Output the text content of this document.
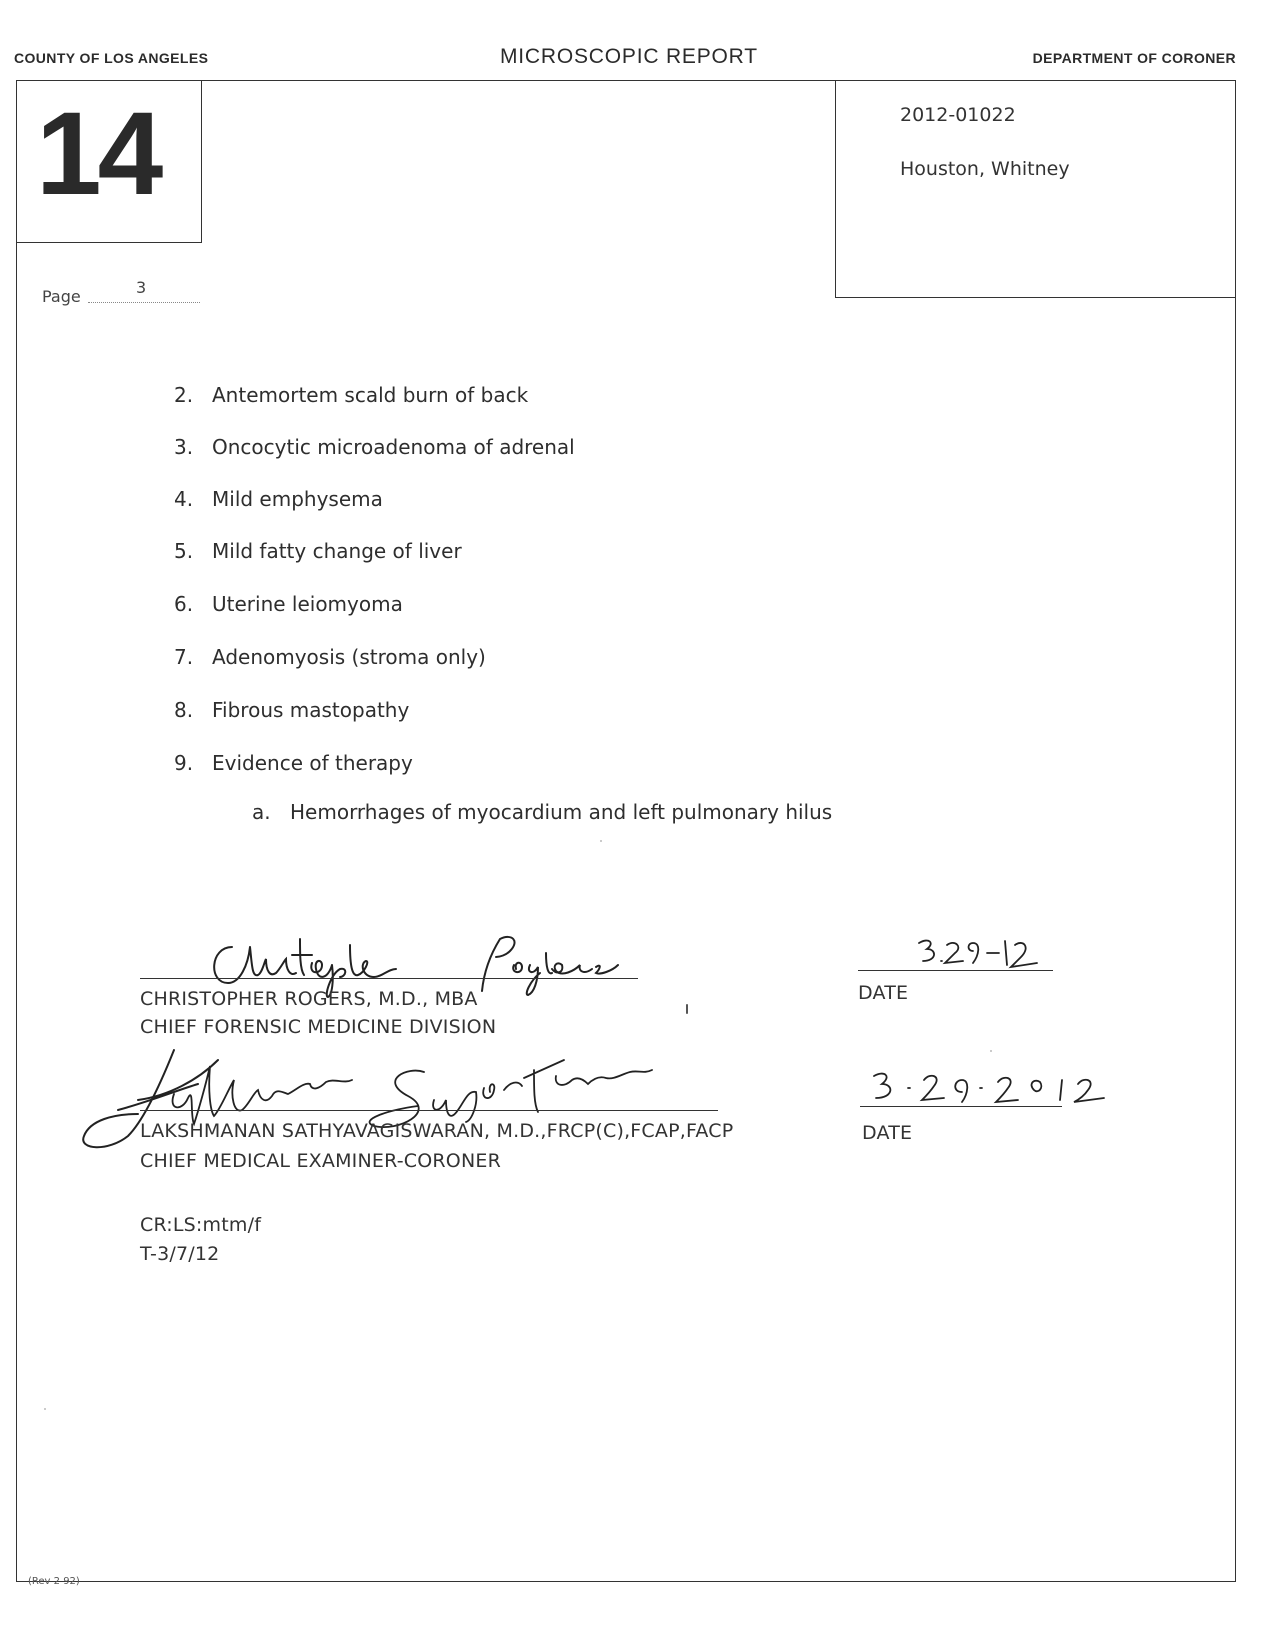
COUNTY OF LOS ANGELES	MICROSCOPIC REPORT	DEPARTMENT OF CORONER
14	2012-01022
Houston, Whitney
Page	3
2. Antemortem scald burn of back
3. Oncocytic microadenoma of adrenal
4. Mild emphysema
5. Mild fatty change of liver
6. Uterine leiomyoma
7. Adenomyosis (stroma only)
8. Fibrous mastopathy
9. Evidence of therapy
a. Hemorrhages of myocardium and left pulmonary hilus
CHRISTOPHER ROGERS, M.D., MBA
CHIEF FORENSIC MEDICINE DIVISION
DATE
LAKSHMANAN SATHYAVAGISWARAN, M.D.,FRCP(C),FCAP,FACP
CHIEF MEDICAL EXAMINER-CORONER
DATE
CR:LS:mtm/f
T-3/7/12
(Rev 2 92)
